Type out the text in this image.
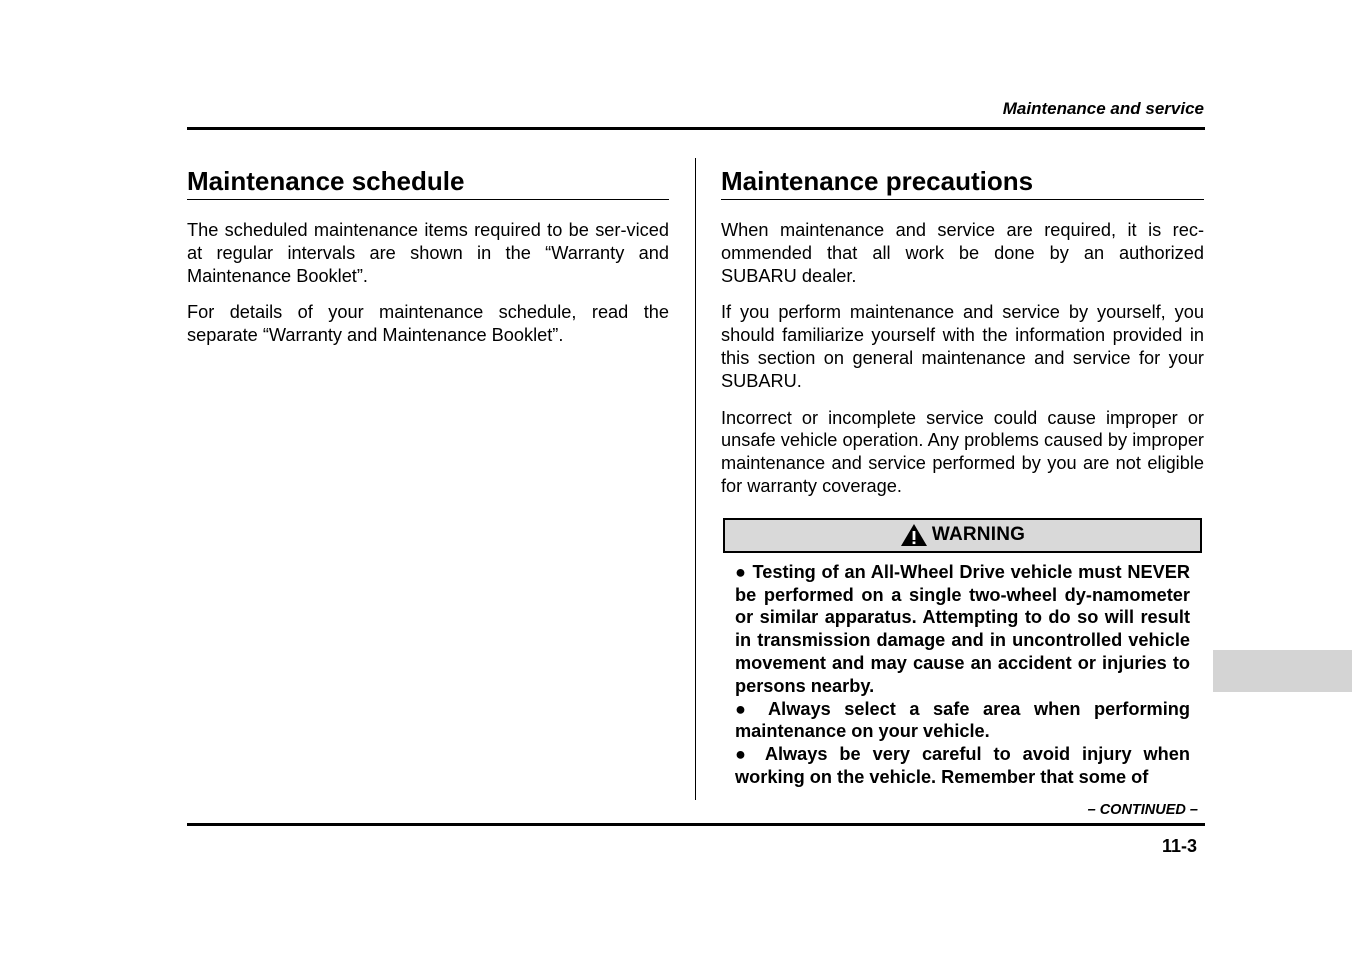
Maintenance and service
Maintenance schedule

The scheduled maintenance items required to be ser-viced at regular intervals are shown in the “Warranty and Maintenance Booklet”.

For details of your maintenance schedule, read the separate “Warranty and Maintenance Booklet”.

Maintenance precautions

When maintenance and service are required, it is rec-ommended that all work be done by an authorized SUBARU dealer.

If you perform maintenance and service by yourself, you should familiarize yourself with the information provided in this section on general maintenance and service for your SUBARU.

Incorrect or incomplete service could cause improper or unsafe vehicle operation. Any problems caused by improper maintenance and service performed by you are not eligible for warranty coverage.

WARNING
● Testing of an All-Wheel Drive vehicle must NEVER be performed on a single two-wheel dy-namometer or similar apparatus. Attempting to do so will result in transmission damage and in uncontrolled vehicle movement and may cause an accident or injuries to persons nearby.
● Always select a safe area when performing maintenance on your vehicle.
● Always be very careful to avoid injury when working on the vehicle. Remember that some of
– CONTINUED –
11-3
